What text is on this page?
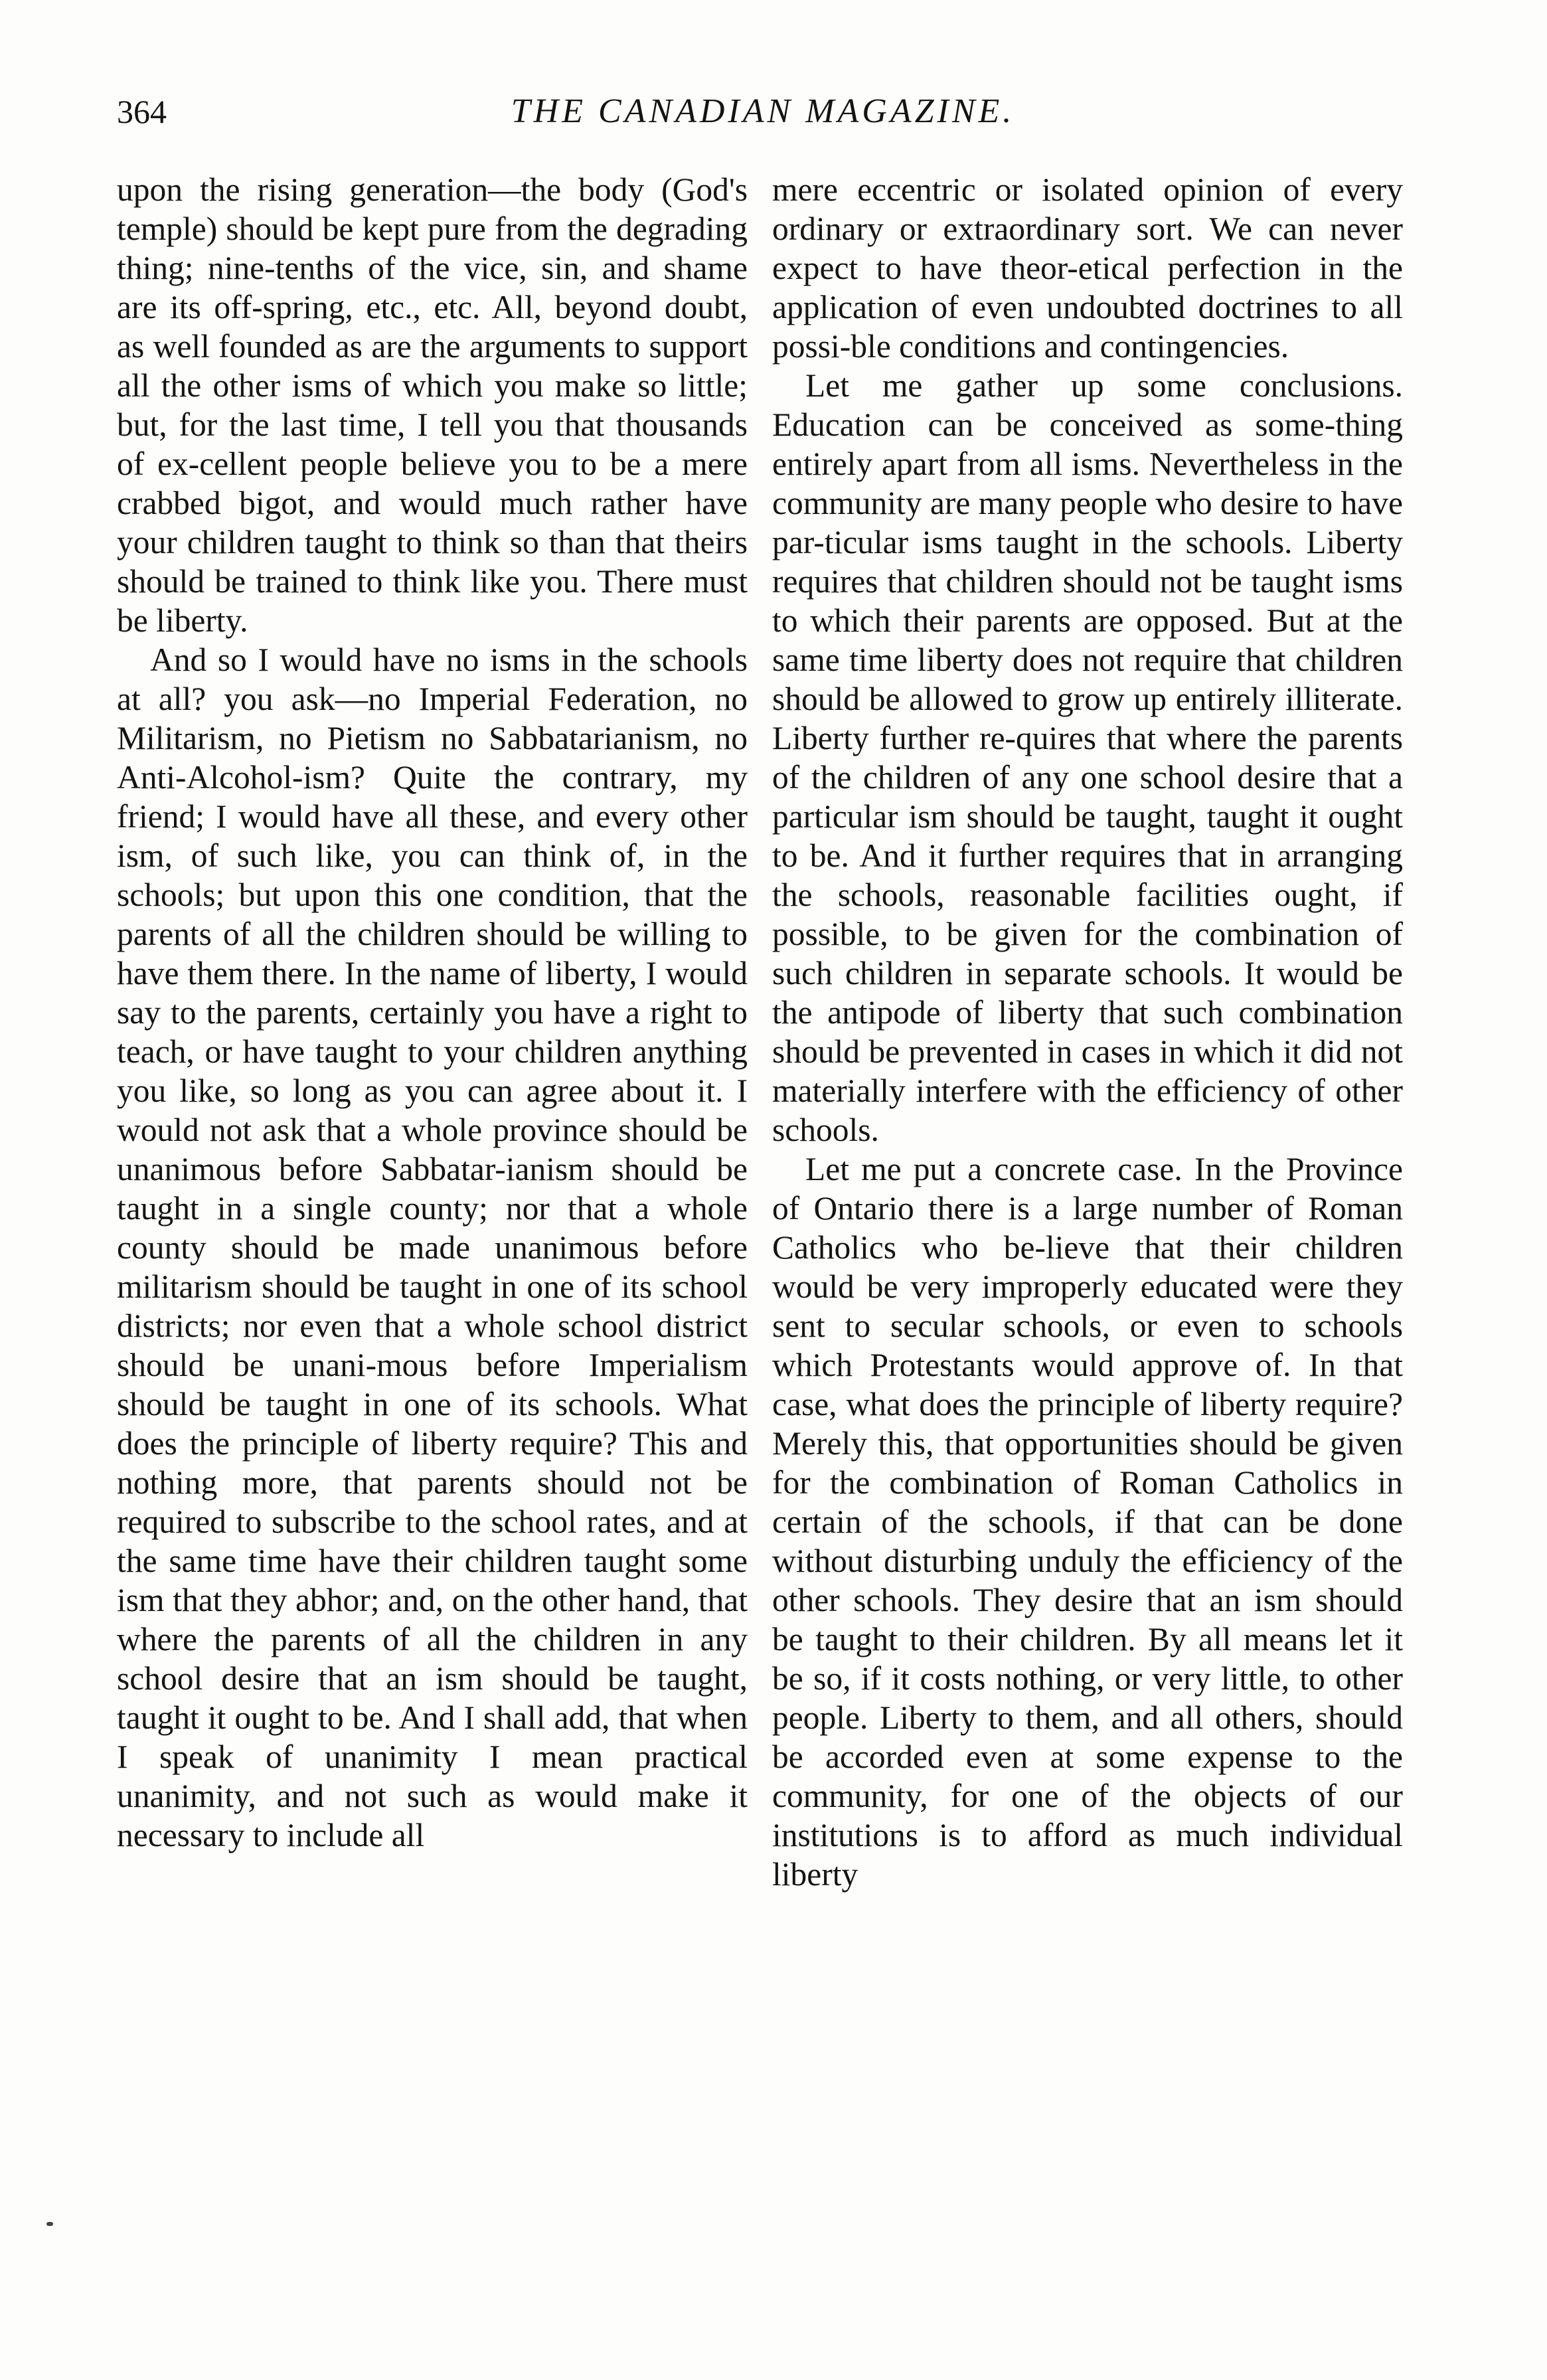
364	THE CANADIAN MAGAZINE.

upon the rising generation—the body (God's temple) should be kept pure from the degrading thing; nine-tenths of the vice, sin, and shame are its off-spring, etc., etc. All, beyond doubt, as well founded as are the arguments to support all the other isms of which you make so little; but, for the last time, I tell you that thousands of ex-cellent people believe you to be a mere crabbed bigot, and would much rather have your children taught to think so than that theirs should be trained to think like you. There must be liberty.

And so I would have no isms in the schools at all? you ask—no Imperial Federation, no Militarism, no Pietism no Sabbatarianism, no Anti-Alcohol-ism? Quite the contrary, my friend; I would have all these, and every other ism, of such like, you can think of, in the schools; but upon this one condition, that the parents of all the children should be willing to have them there. In the name of liberty, I would say to the parents, certainly you have a right to teach, or have taught to your children anything you like, so long as you can agree about it. I would not ask that a whole province should be unanimous before Sabbatar-ianism should be taught in a single county; nor that a whole county should be made unanimous before militarism should be taught in one of its school districts; nor even that a whole school district should be unani-mous before Imperialism should be taught in one of its schools. What does the principle of liberty require? This and nothing more, that parents should not be required to subscribe to the school rates, and at the same time have their children taught some ism that they abhor; and, on the other hand, that where the parents of all the children in any school desire that an ism should be taught, taught it ought to be. And I shall add, that when I speak of unanimity I mean practical unanimity, and not such as would make it necessary to include all

mere eccentric or isolated opinion of every ordinary or extraordinary sort. We can never expect to have theor-etical perfection in the application of even undoubted doctrines to all possi-ble conditions and contingencies.

Let me gather up some conclusions. Education can be conceived as some-thing entirely apart from all isms. Nevertheless in the community are many people who desire to have par-ticular isms taught in the schools. Liberty requires that children should not be taught isms to which their parents are opposed. But at the same time liberty does not require that children should be allowed to grow up entirely illiterate. Liberty further re-quires that where the parents of the children of any one school desire that a particular ism should be taught, taught it ought to be. And it further requires that in arranging the schools, reasonable facilities ought, if possible, to be given for the combination of such children in separate schools. It would be the antipode of liberty that such combination should be prevented in cases in which it did not materially interfere with the efficiency of other schools.

Let me put a concrete case. In the Province of Ontario there is a large number of Roman Catholics who be-lieve that their children would be very improperly educated were they sent to secular schools, or even to schools which Protestants would approve of. In that case, what does the principle of liberty require? Merely this, that opportunities should be given for the combination of Roman Catholics in certain of the schools, if that can be done without disturbing unduly the efficiency of the other schools. They desire that an ism should be taught to their children. By all means let it be so, if it costs nothing, or very little, to other people. Liberty to them, and all others, should be accorded even at some expense to the community, for one of the objects of our institutions is to afford as much individual liberty
